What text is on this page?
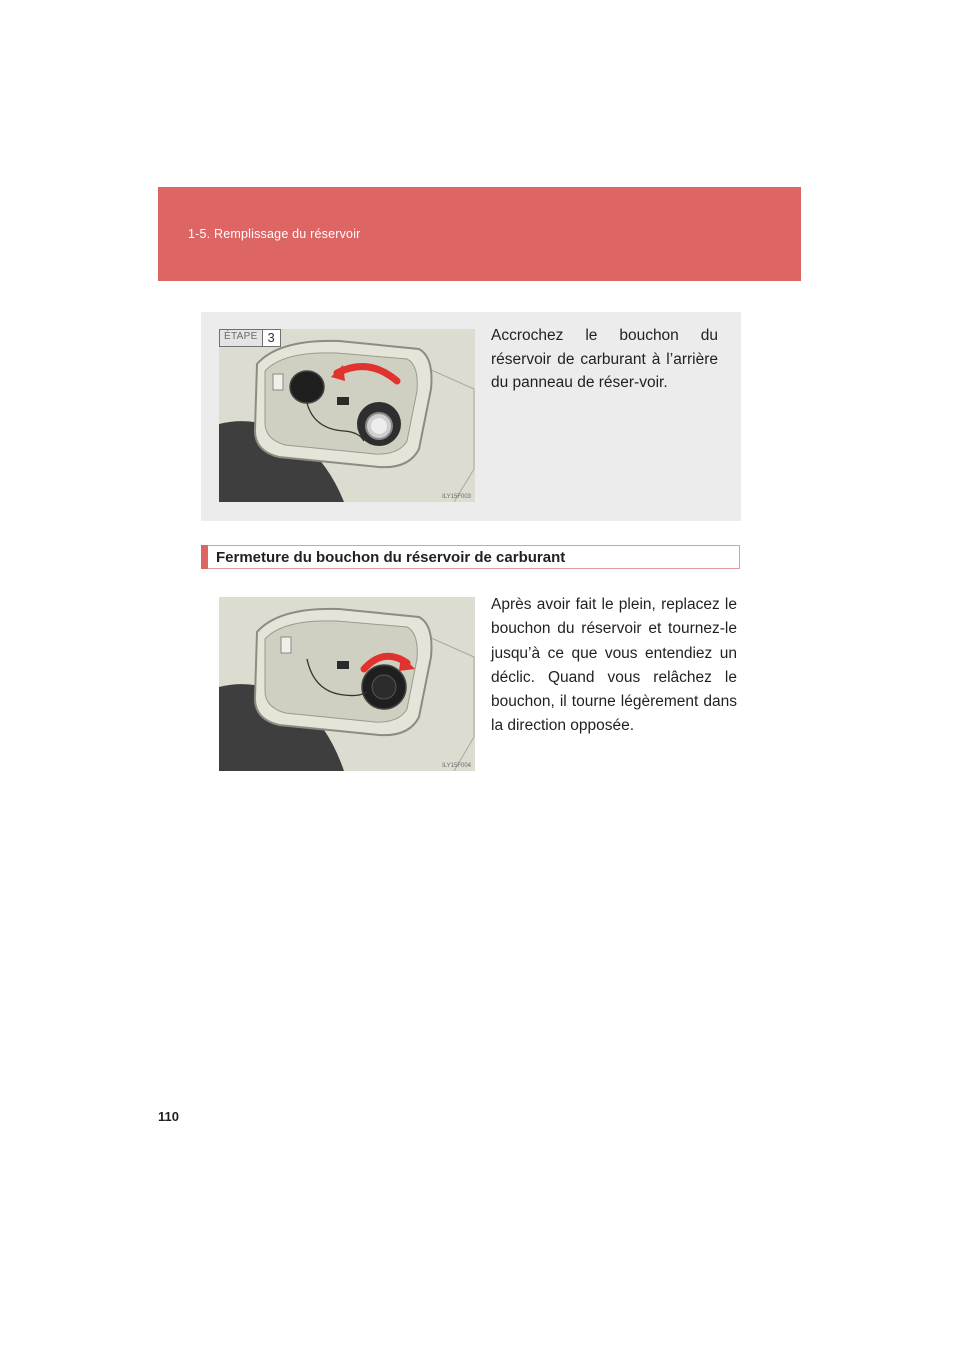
1-5. Remplissage du réservoir
ÉTAPE 3
ILY15F003
Accrochez le bouchon du réservoir de carburant à l’arrière du panneau de réser-voir.
Fermeture du bouchon du réservoir de carburant
ILY15F004
Après avoir fait le plein, replacez le bouchon du réservoir et tournez-le jusqu’à ce que vous entendiez un déclic. Quand vous relâchez le bouchon, il tourne légèrement dans la direction opposée.
110
